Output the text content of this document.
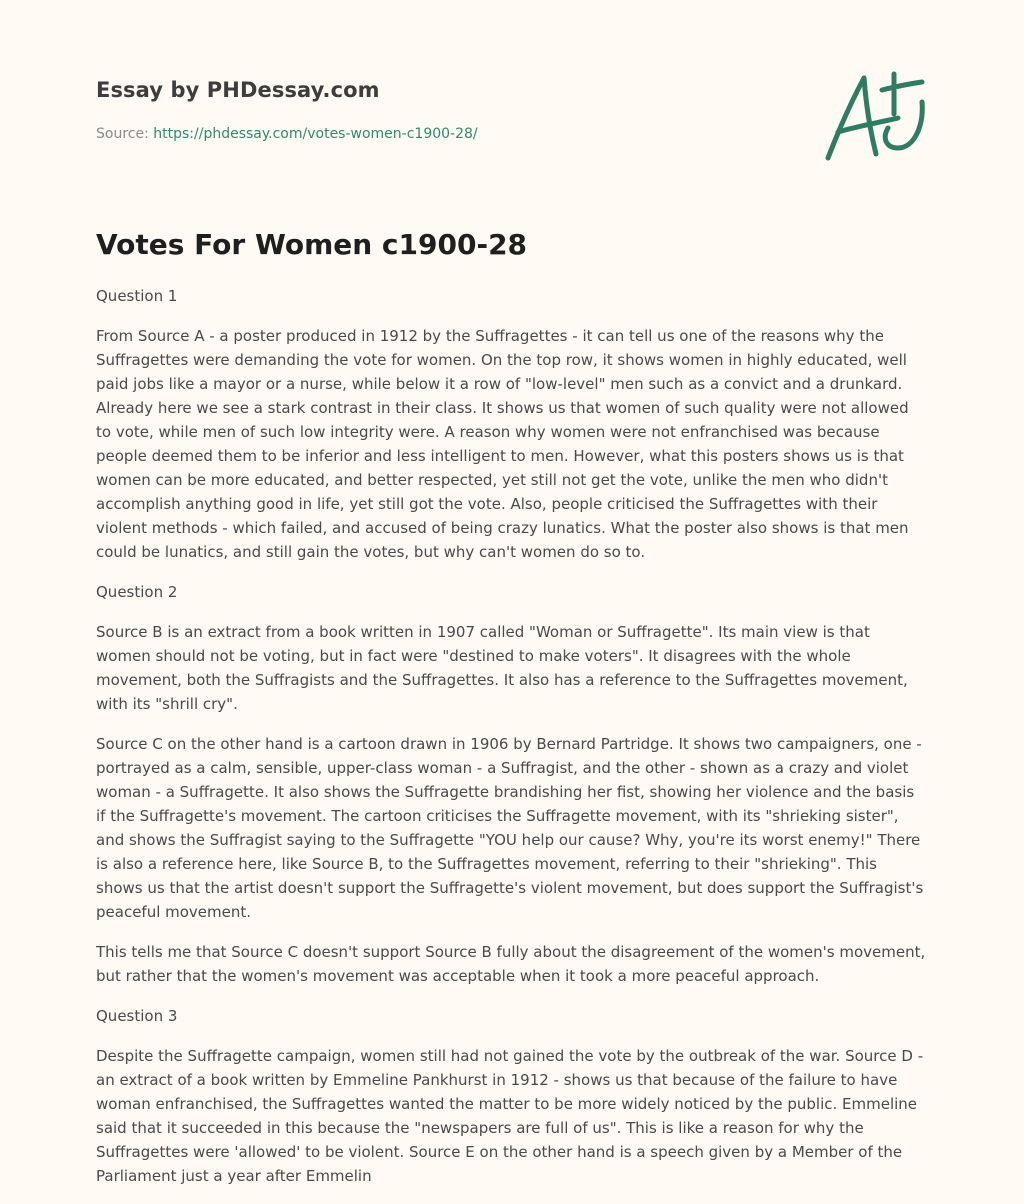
Essay by PHDessay.com
Source: https://phdessay.com/votes-women-c1900-28/
Votes For Women c1900-28

Question 1

From Source A - a poster produced in 1912 by the Suffragettes - it can tell us one of the reasons why the Suffragettes were demanding the vote for women. On the top row, it shows women in highly educated, well paid jobs like a mayor or a nurse, while below it a row of "low-level" men such as a convict and a drunkard. Already here we see a stark contrast in their class. It shows us that women of such quality were not allowed to vote, while men of such low integrity were. A reason why women were not enfranchised was because people deemed them to be inferior and less intelligent to men. However, what this posters shows us is that women can be more educated, and better respected, yet still not get the vote, unlike the men who didn't accomplish anything good in life, yet still got the vote. Also, people criticised the Suffragettes with their violent methods - which failed, and accused of being crazy lunatics. What the poster also shows is that men could be lunatics, and still gain the votes, but why can't women do so to.

Question 2

Source B is an extract from a book written in 1907 called "Woman or Suffragette". Its main view is that women should not be voting, but in fact were "destined to make voters". It disagrees with the whole movement, both the Suffragists and the Suffragettes. It also has a reference to the Suffragettes movement, with its "shrill cry".

Source C on the other hand is a cartoon drawn in 1906 by Bernard Partridge. It shows two campaigners, one - portrayed as a calm, sensible, upper-class woman - a Suffragist, and the other - shown as a crazy and violet woman - a Suffragette. It also shows the Suffragette brandishing her fist, showing her violence and the basis if the Suffragette's movement. The cartoon criticises the Suffragette movement, with its "shrieking sister", and shows the Suffragist saying to the Suffragette "YOU help our cause? Why, you're its worst enemy!" There is also a reference here, like Source B, to the Suffragettes movement, referring to their "shrieking". This shows us that the artist doesn't support the Suffragette's violent movement, but does support the Suffragist's peaceful movement.

This tells me that Source C doesn't support Source B fully about the disagreement of the women's movement, but rather that the women's movement was acceptable when it took a more peaceful approach.

Question 3

Despite the Suffragette campaign, women still had not gained the vote by the outbreak of the war. Source D - an extract of a book written by Emmeline Pankhurst in 1912 - shows us that because of the failure to have woman enfranchised, the Suffragettes wanted the matter to be more widely noticed by the public. Emmeline said that it succeeded in this because the "newspapers are full of us". This is like a reason for why the Suffragettes were 'allowed' to be violent. Source E on the other hand is a speech given by a Member of the Parliament just a year after Emmelin
